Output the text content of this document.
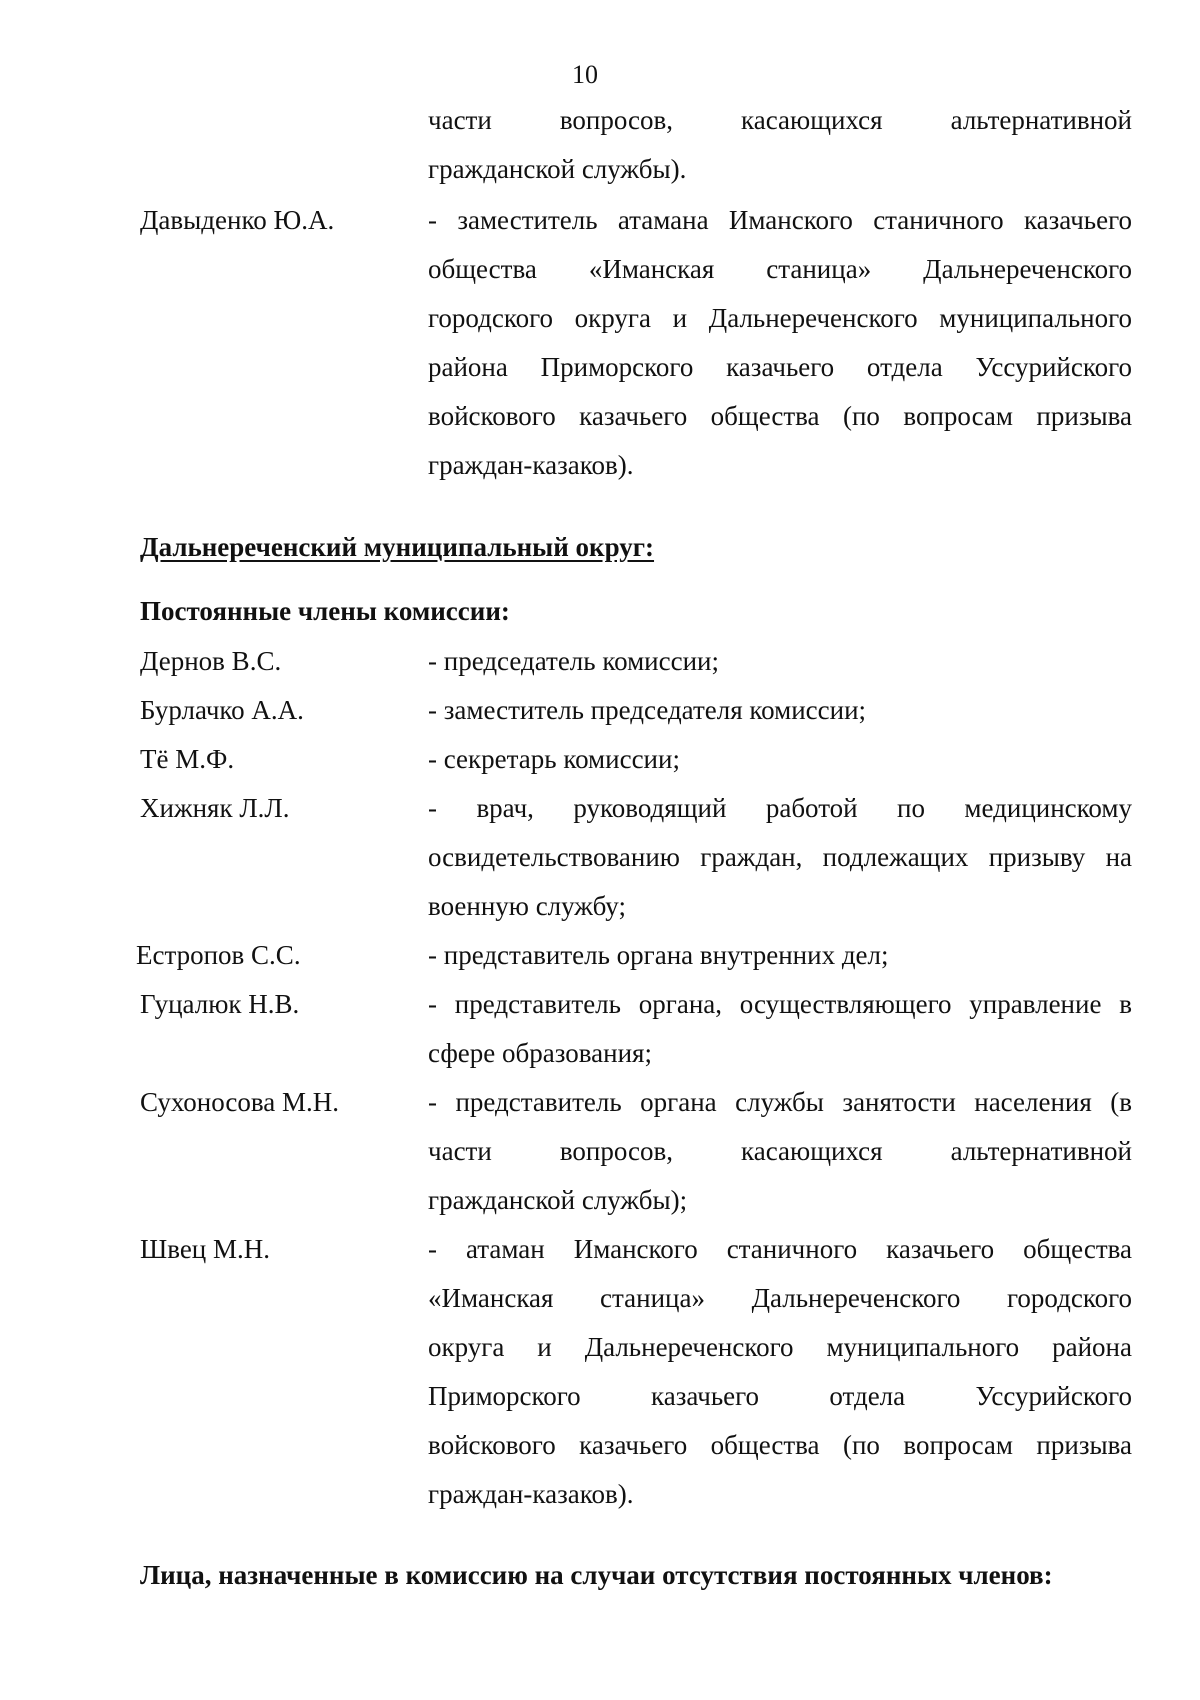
10
части вопросов, касающихся альтернативной
гражданской службы).
Давыденко Ю.А.	- заместитель атамана Иманского станичного казачьего
общества «Иманская станица» Дальнереченского
городского округа и Дальнереченского муниципального
района Приморского казачьего отдела Уссурийского
войскового казачьего общества (по вопросам призыва
граждан-казаков).
Дальнереченский муниципальный округ:
Постоянные члены комиссии:
Дернов В.С.	- председатель комиссии;
Бурлачко А.А.	- заместитель председателя комиссии;
Тё М.Ф.	- секретарь комиссии;
Хижняк Л.Л.	- врач, руководящий работой по медицинскому
освидетельствованию граждан, подлежащих призыву на
военную службу;
Естропов С.С.	- представитель органа внутренних дел;
Гуцалюк Н.В.	- представитель органа, осуществляющего управление в
сфере образования;
Сухоносова М.Н.	- представитель органа службы занятости населения (в
части вопросов, касающихся альтернативной
гражданской службы);
Швец М.Н.	- атаман Иманского станичного казачьего общества
«Иманская станица» Дальнереченского городского
округа и Дальнереченского муниципального района
Приморского казачьего отдела Уссурийского
войскового казачьего общества (по вопросам призыва
граждан-казаков).
Лица, назначенные в комиссию на случаи отсутствия постоянных членов:
